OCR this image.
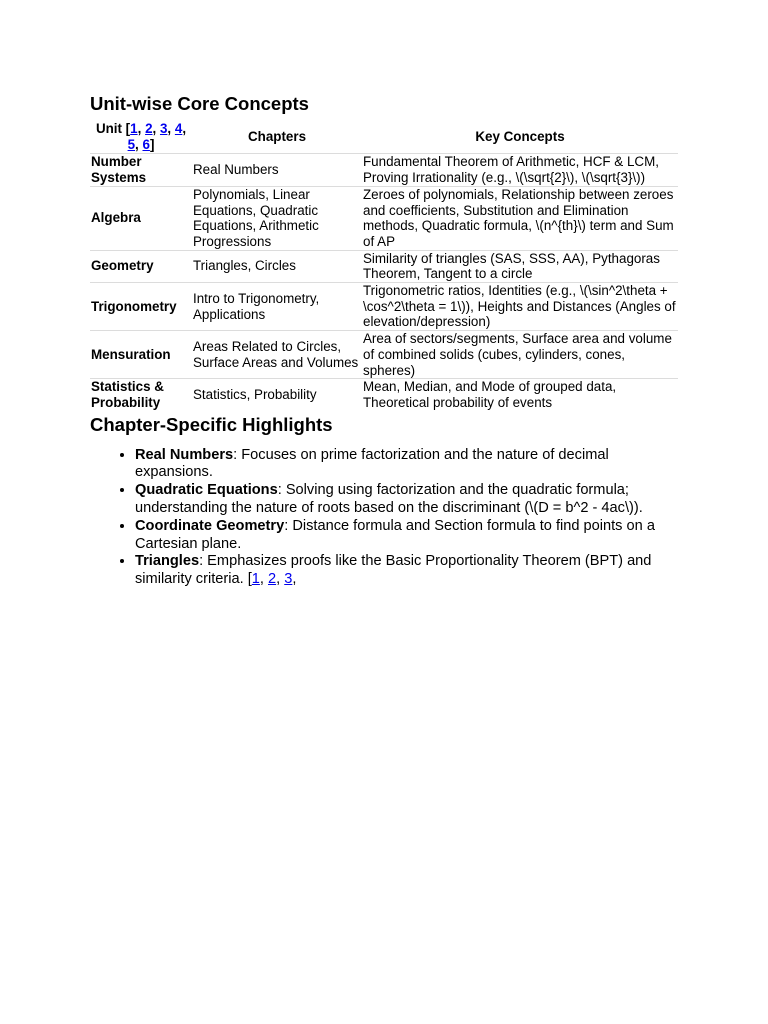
Unit-wise Core Concepts
Unit [1, 2, 3, 4,
5, 6]	Chapters	Key Concepts
Number Systems	Real Numbers	Fundamental Theorem of Arithmetic, HCF & LCM, Proving Irrationality (e.g., \(\sqrt{2}\), \(\sqrt{3}\))
Algebra	Polynomials, Linear Equations, Quadratic Equations, Arithmetic Progressions	Zeroes of polynomials, Relationship between zeroes and coefficients, Substitution and Elimination methods, Quadratic formula, \(n^{th}\) term and Sum of AP
Geometry	Triangles, Circles	Similarity of triangles (SAS, SSS, AA), Pythagoras Theorem, Tangent to a circle
Trigonometry	Intro to Trigonometry, Applications	Trigonometric ratios, Identities (e.g., \(\sin^2\theta + \cos^2\theta = 1\)), Heights and Distances (Angles of elevation/depression)
Mensuration	Areas Related to Circles, Surface Areas and Volumes	Area of sectors/segments, Surface area and volume of combined solids (cubes, cylinders, cones, spheres)
Statistics & Probability	Statistics, Probability	Mean, Median, and Mode of grouped data, Theoretical probability of events
Chapter-Specific Highlights
• Real Numbers: Focuses on prime factorization and the nature of decimal expansions.
• Quadratic Equations: Solving using factorization and the quadratic formula; understanding the nature of roots based on the discriminant (\(D = b^2 - 4ac\)).
• Coordinate Geometry: Distance formula and Section formula to find points on a Cartesian plane.
• Triangles: Emphasizes proofs like the Basic Proportionality Theorem (BPT) and similarity criteria. [1, 2, 3,
